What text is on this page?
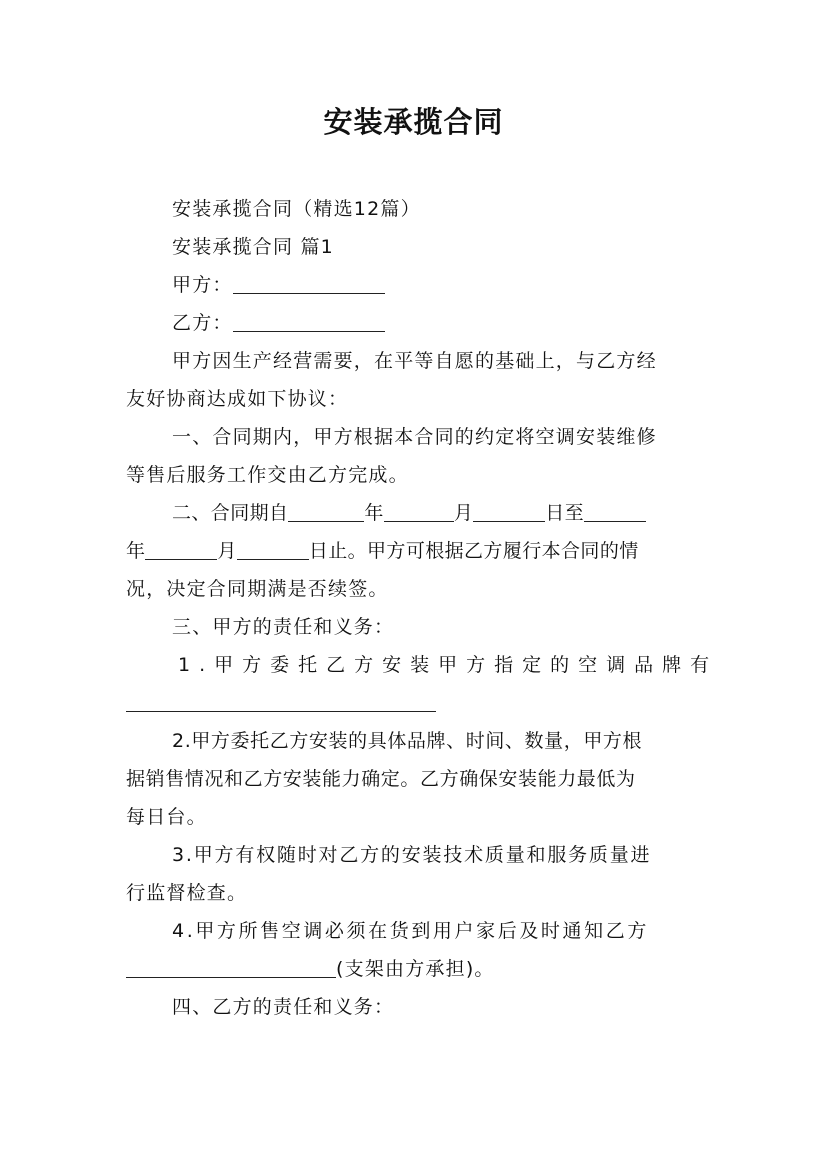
安装承揽合同

安装承揽合同（精选12篇）

安装承揽合同 篇1

甲方：

乙方：

甲方因生产经营需要，在平等自愿的基础上，与乙方经

友好协商达成如下协议：

一、合同期内，甲方根据本合同的约定将空调安装维修

等售后服务工作交由乙方完成。

二、合同期自	年	月	日至

年	月	日止。甲方可根据乙方履行本合同的情

况，决定合同期满是否续签。

三、甲方的责任和义务：

1.甲方委托乙方安装甲方指定的空调品牌有

2.甲方委托乙方安装的具体品牌、时间、数量，甲方根

据销售情况和乙方安装能力确定。乙方确保安装能力最低为

每日台。

3.甲方有权随时对乙方的安装技术质量和服务质量进

行监督检查。

4.甲方所售空调必须在货到用户家后及时通知乙方

(支架由方承担)。

四、乙方的责任和义务：
